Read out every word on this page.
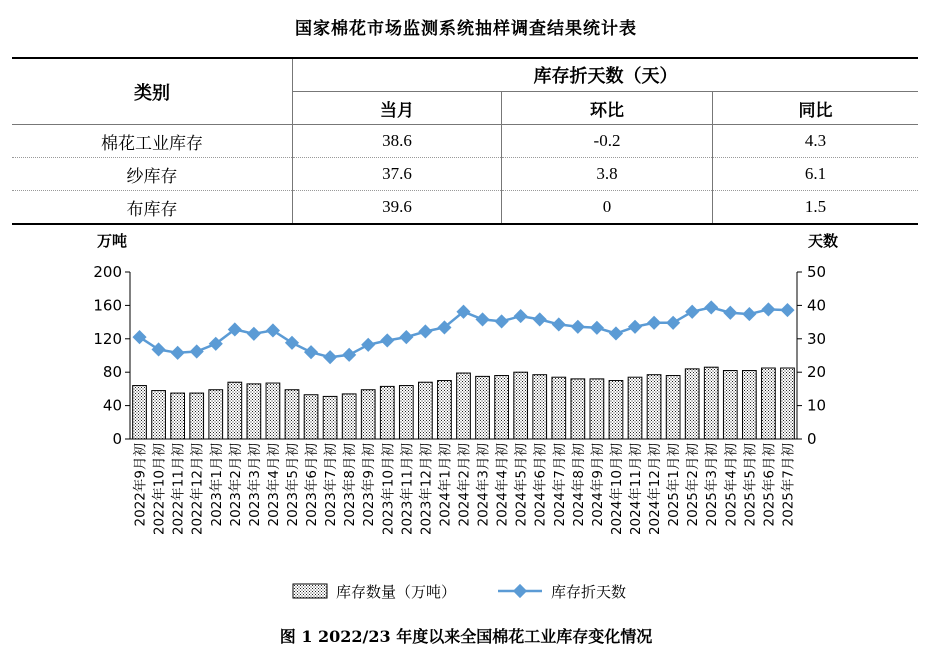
国家棉花市场监测系统抽样调查结果统计表
类别	库存折天数（天）		
	当月	环比	同比
棉花工业库存	38.6	-0.2	4.3
纱库存	37.6	3.8	6.1
布库存	39.6	0	1.5
万吨	天数
0
40
80
120
160
200
0
10
20
30
40
50
2022年9月初 2022年10月初 2022年11月初 2022年12月初 2023年1月初 2023年2月初 2023年3月初 2023年4月初 2023年5月初 2023年6月初 2023年7月初 2023年8月初 2023年9月初 2023年10月初 2023年11月初 2023年12月初 2024年1月初 2024年2月初 2024年3月初 2024年4月初 2024年5月初 2024年6月初 2024年7月初 2024年8月初 2024年9月初 2024年10月初 2024年11月初 2024年12月初 2025年1月初 2025年2月初 2025年3月初 2025年4月初 2025年5月初 2025年6月初 2025年7月初
库存数量（万吨）	库存折天数
图 1 2022/23 年度以来全国棉花工业库存变化情况
